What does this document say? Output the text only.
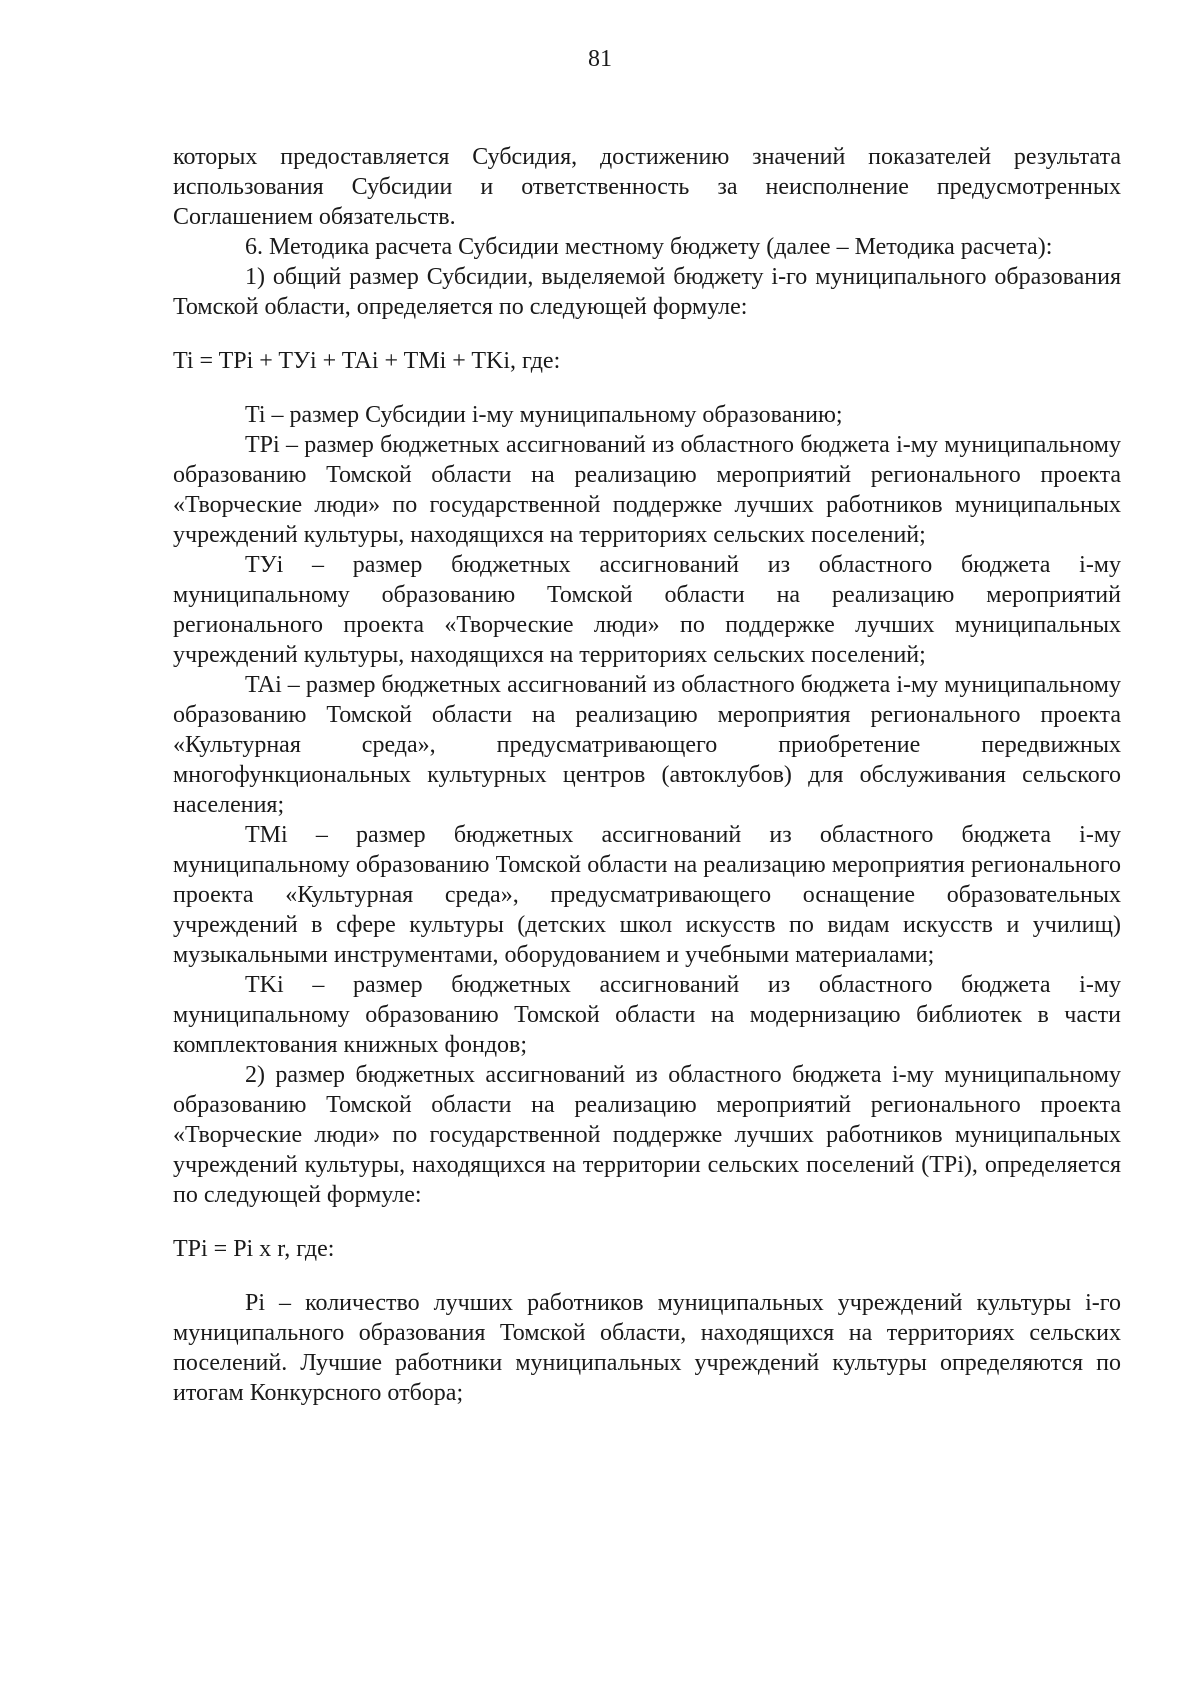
81

которых предоставляется Субсидия, достижению значений показателей результата использования Субсидии и ответственность за неисполнение предусмотренных Соглашением обязательств.

6. Методика расчета Субсидии местному бюджету (далее – Методика расчета):

1) общий размер Субсидии, выделяемой бюджету i-го муниципального образования Томской области, определяется по следующей формуле:

Ti = TPi + TУi + TAi + TMi + TKi, где:

Ti – размер Субсидии i-му муниципальному образованию;

TPi – размер бюджетных ассигнований из областного бюджета i-му муниципальному образованию Томской области на реализацию мероприятий регионального проекта «Творческие люди» по государственной поддержке лучших работников муниципальных учреждений культуры, находящихся на территориях сельских поселений;

TУi – размер бюджетных ассигнований из областного бюджета i-му муниципальному образованию Томской области на реализацию мероприятий регионального проекта «Творческие люди» по поддержке лучших муниципальных учреждений культуры, находящихся на территориях сельских поселений;

TAi – размер бюджетных ассигнований из областного бюджета i-му муниципальному образованию Томской области на реализацию мероприятия регионального проекта «Культурная среда», предусматривающего приобретение передвижных многофункциональных культурных центров (автоклубов) для обслуживания сельского населения;

TMi – размер бюджетных ассигнований из областного бюджета i-му муниципальному образованию Томской области на реализацию мероприятия регионального проекта «Культурная среда», предусматривающего оснащение образовательных учреждений в сфере культуры (детских школ искусств по видам искусств и училищ) музыкальными инструментами, оборудованием и учебными материалами;

TKi – размер бюджетных ассигнований из областного бюджета i-му муниципальному образованию Томской области на модернизацию библиотек в части комплектования книжных фондов;

2) размер бюджетных ассигнований из областного бюджета i-му муниципальному образованию Томской области на реализацию мероприятий регионального проекта «Творческие люди» по государственной поддержке лучших работников муниципальных учреждений культуры, находящихся на территории сельских поселений (TPi), определяется по следующей формуле:

TPi = Pi x r, где:

Pi – количество лучших работников муниципальных учреждений культуры i-го муниципального образования Томской области, находящихся на территориях сельских поселений. Лучшие работники муниципальных учреждений культуры определяются по итогам Конкурсного отбора;
